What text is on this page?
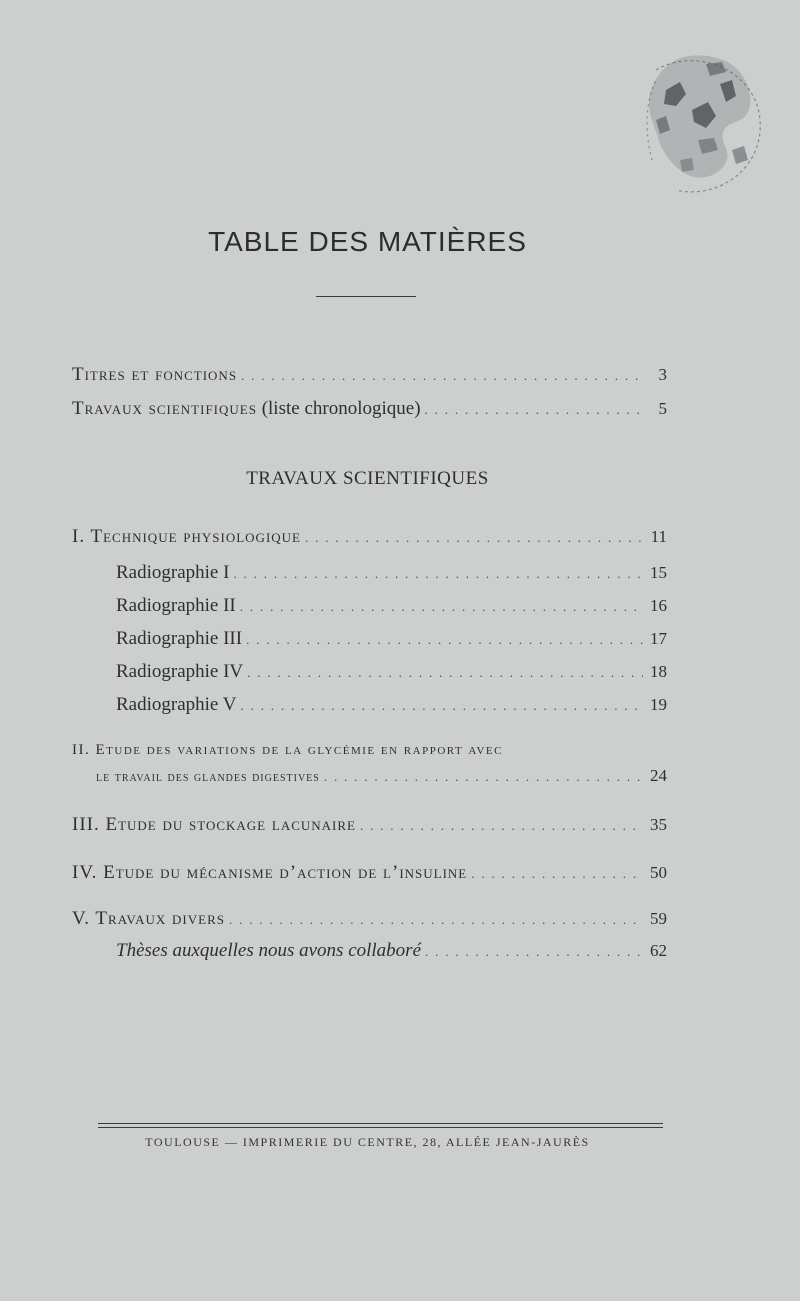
TABLE DES MATIÈRES
Titres et fonctions . . .	3
Travaux scientifiques (liste chronologique) . . .	5
TRAVAUX SCIENTIFIQUES
I. Technique physiologique . . .	11
Radiographie I . . .	15
Radiographie II . . .	16
Radiographie III . . .	17
Radiographie IV . . .	18
Radiographie V . . .	19
II. Etude des variations de la glycémie en rapport avec
le travail des glandes digestives . . .	24
III. Etude du stockage lacunaire . . .	35
IV. Etude du mécanisme d’action de l’insuline . . .	50
V. Travaux divers . . .	59
Thèses auxquelles nous avons collaboré . . .	62
TOULOUSE — IMPRIMERIE DU CENTRE, 28, ALLÉE JEAN-JAURÈS
